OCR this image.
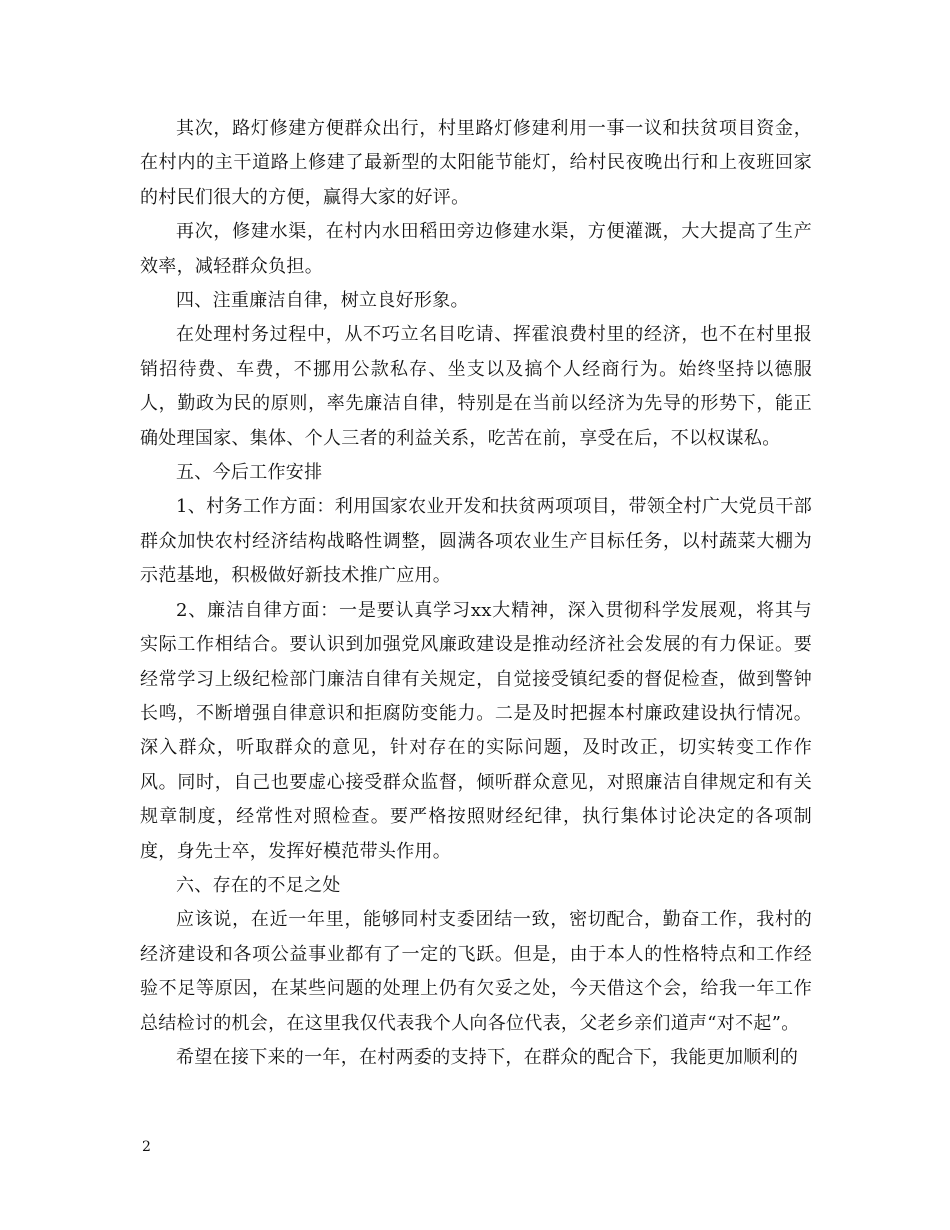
其次，路灯修建方便群众出行，村里路灯修建利用一事一议和扶贫项目资金，在村内的主干道路上修建了最新型的太阳能节能灯，给村民夜晚出行和上夜班回家的村民们很大的方便，赢得大家的好评。

再次，修建水渠，在村内水田稻田旁边修建水渠，方便灌溉，大大提高了生产效率，减轻群众负担。

四、注重廉洁自律，树立良好形象。

在处理村务过程中，从不巧立名目吃请、挥霍浪费村里的经济，也不在村里报销招待费、车费，不挪用公款私存、坐支以及搞个人经商行为。始终坚持以德服人，勤政为民的原则，率先廉洁自律，特别是在当前以经济为先导的形势下，能正确处理国家、集体、个人三者的利益关系，吃苦在前，享受在后，不以权谋私。

五、今后工作安排

1、村务工作方面：利用国家农业开发和扶贫两项项目，带领全村广大党员干部群众加快农村经济结构战略性调整，圆满各项农业生产目标任务，以村蔬菜大棚为示范基地，积极做好新技术推广应用。

2、廉洁自律方面：一是要认真学习xx大精神，深入贯彻科学发展观，将其与实际工作相结合。要认识到加强党风廉政建设是推动经济社会发展的有力保证。要经常学习上级纪检部门廉洁自律有关规定，自觉接受镇纪委的督促检查，做到警钟长鸣，不断增强自律意识和拒腐防变能力。二是及时把握本村廉政建设执行情况。深入群众，听取群众的意见，针对存在的实际问题，及时改正，切实转变工作作风。同时，自己也要虚心接受群众监督，倾听群众意见，对照廉洁自律规定和有关规章制度，经常性对照检查。要严格按照财经纪律，执行集体讨论决定的各项制度，身先士卒，发挥好模范带头作用。

六、存在的不足之处

应该说，在近一年里，能够同村支委团结一致，密切配合，勤奋工作，我村的经济建设和各项公益事业都有了一定的飞跃。但是，由于本人的性格特点和工作经验不足等原因，在某些问题的处理上仍有欠妥之处，今天借这个会，给我一年工作总结检讨的机会，在这里我仅代表我个人向各位代表，父老乡亲们道声“对不起”。

希望在接下来的一年，在村两委的支持下，在群众的配合下，我能更加顺利的

2
